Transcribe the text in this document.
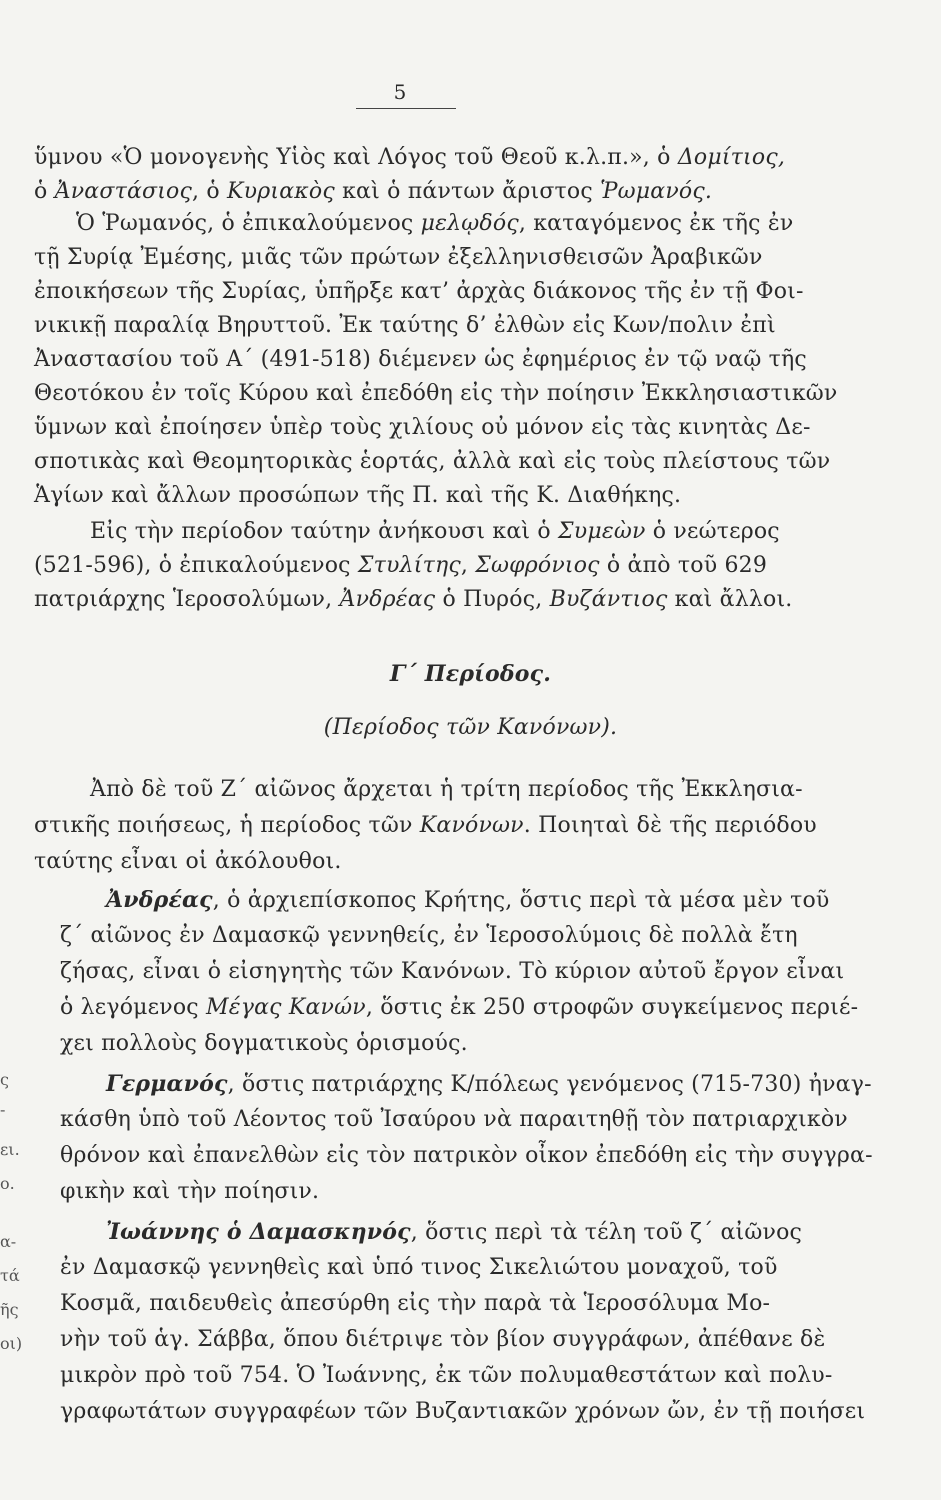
5
ὕμνου «Ὁ μονογενὴς Υἱὸς καὶ Λόγος τοῦ Θεοῦ κ.λ.π.», ὁ Δομίτιος,
ὁ Ἀναστάσιος, ὁ Κυριακὸς καὶ ὁ πάντων ἄριστος Ῥωμανός.
Ὁ Ῥωμανός, ὁ ἐπικαλούμενος μελῳδός, καταγόμενος ἐκ τῆς ἐν
τῇ Συρίᾳ Ἐμέσης, μιᾶς τῶν πρώτων ἐξελληνισθεισῶν Ἀραβικῶν
ἐποικήσεων τῆς Συρίας, ὑπῆρξε κατ’ ἀρχὰς διάκονος τῆς ἐν τῇ Φοι-
νικικῇ παραλίᾳ Βηρυττοῦ. Ἐκ ταύτης δ’ ἐλθὼν εἰς Κων/πολιν ἐπὶ
Ἀναστασίου τοῦ Α΄ (491-518) διέμενεν ὡς ἐφημέριος ἐν τῷ ναῷ τῆς
Θεοτόκου ἐν τοῖς Κύρου καὶ ἐπεδόθη εἰς τὴν ποίησιν Ἐκκλησιαστικῶν
ὕμνων καὶ ἐποίησεν ὑπὲρ τοὺς χιλίους οὐ μόνον εἰς τὰς κινητὰς Δε-
σποτικὰς καὶ Θεομητορικὰς ἑορτάς, ἀλλὰ καὶ εἰς τοὺς πλείστους τῶν
Ἁγίων καὶ ἄλλων προσώπων τῆς Π. καὶ τῆς Κ. Διαθήκης.
Εἰς τὴν περίοδον ταύτην ἀνήκουσι καὶ ὁ Συμεὼν ὁ νεώτερος
(521-596), ὁ ἐπικαλούμενος Στυλίτης, Σωφρόνιος ὁ ἀπὸ τοῦ 629
πατριάρχης Ἱεροσολύμων, Ἀνδρέας ὁ Πυρός, Βυζάντιος καὶ ἄλλοι.
Γ΄ Περίοδος.
(Περίοδος τῶν Κανόνων).
Ἀπὸ δὲ τοῦ Ζ΄ αἰῶνος ἄρχεται ἡ τρίτη περίοδος τῆς Ἐκκλησια-
στικῆς ποιήσεως, ἡ περίοδος τῶν Κανόνων. Ποιηταὶ δὲ τῆς περιόδου
ταύτης εἶναι οἱ ἀκόλουθοι.
Ἀνδρέας, ὁ ἀρχιεπίσκοπος Κρήτης, ὅστις περὶ τὰ μέσα μὲν τοῦ
ζ΄ αἰῶνος ἐν Δαμασκῷ γεννηθείς, ἐν Ἱεροσολύμοις δὲ πολλὰ ἔτη
ζήσας, εἶναι ὁ εἰσηγητὴς τῶν Κανόνων. Τὸ κύριον αὐτοῦ ἔργον εἶναι
ὁ λεγόμενος Μέγας Κανών, ὅστις ἐκ 250 στροφῶν συγκείμενος περιέ-
χει πολλοὺς δογματικοὺς ὁρισμούς.
Γερμανός, ὅστις πατριάρχης Κ/πόλεως γενόμενος (715-730) ἠναγ-
κάσθη ὑπὸ τοῦ Λέοντος τοῦ Ἰσαύρου νὰ παραιτηθῇ τὸν πατριαρχικὸν
θρόνον καὶ ἐπανελθὼν εἰς τὸν πατρικὸν οἶκον ἐπεδόθη εἰς τὴν συγγρα-
φικὴν καὶ τὴν ποίησιν.
Ἰωάννης ὁ Δαμασκηνός, ὅστις περὶ τὰ τέλη τοῦ ζ΄ αἰῶνος
ἐν Δαμασκῷ γεννηθεὶς καὶ ὑπό τινος Σικελιώτου μοναχοῦ, τοῦ
Κοσμᾶ, παιδευθεὶς ἀπεσύρθη εἰς τὴν παρὰ τὰ Ἱεροσόλυμα Μο-
νὴν τοῦ ἁγ. Σάββα, ὅπου διέτριψε τὸν βίον συγγράφων, ἀπέθανε δὲ
μικρὸν πρὸ τοῦ 754. Ὁ Ἰωάννης, ἐκ τῶν πολυμαθεστάτων καὶ πολυ-
γραφωτάτων συγγραφέων τῶν Βυζαντιακῶν χρόνων ὤν, ἐν τῇ ποιήσει
ς
-
ει.
ο.
α-
τά
ῆς
οι)
